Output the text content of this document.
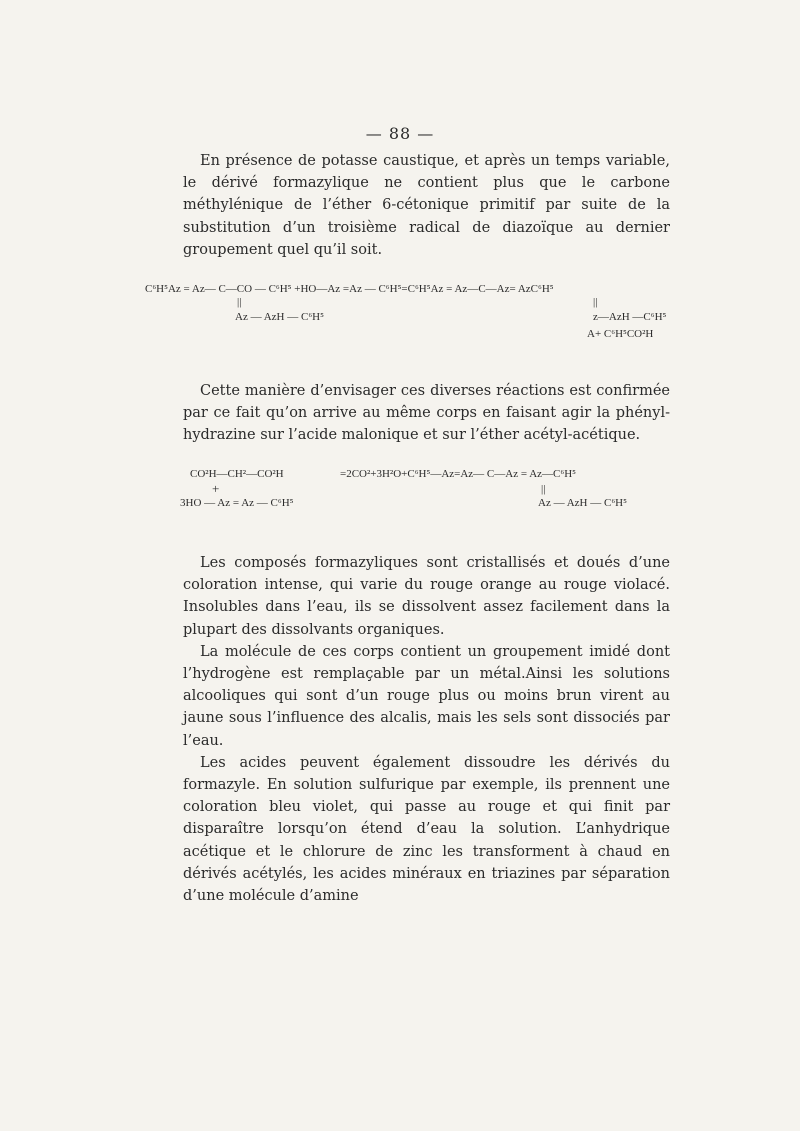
— 88 —

En présence de potasse caustique, et après un temps variable, le dérivé formazylique ne contient plus que le carbone méthylénique de l’éther 6-cétonique primitif par suite de la substitution d’un troisième radical de diazoïque au dernier groupement quel qu’il soit.

C⁶H⁵Az = Az— C—CO — C⁶H⁵ +HO—Az =Az — C⁶H⁵=C⁶H⁵Az = Az—C—Az= AzC⁶H⁵
||	||
Az — AzH — C⁶H⁵	z—AzH —C⁶H⁵
A+ C⁶H⁵CO²H

Cette manière d’envisager ces diverses réactions est confirmée par ce fait qu’on arrive au même corps en faisant agir la phényl-hydrazine sur l’acide malonique et sur l’éther acétyl-acétique.

CO²H—CH²—CO²H	=2CO²+3H²O+C⁶H⁵—Az=Az— C—Az = Az—C⁶H⁵
+	||
3HO — Az = Az — C⁶H⁵	Az — AzH — C⁶H⁵

Les composés formazyliques sont cristallisés et doués d’une coloration intense, qui varie du rouge orange au rouge violacé. Insolubles dans l’eau, ils se dissolvent assez facilement dans la plupart des dissolvants organiques.

La molécule de ces corps contient un groupement imidé dont l’hydrogène est remplaçable par un métal.Ainsi les solutions alcooliques qui sont d’un rouge plus ou moins brun virent au jaune sous l’influence des alcalis, mais les sels sont dissociés par l’eau.

Les acides peuvent également dissoudre les dérivés du formazyle. En solution sulfurique par exemple, ils prennent une coloration bleu violet, qui passe au rouge et qui finit par disparaître lorsqu’on étend d’eau la solution. L’anhydrique acétique et le chlorure de zinc les transforment à chaud en dérivés acétylés, les acides minéraux en triazines par séparation d’une molécule d’amine
